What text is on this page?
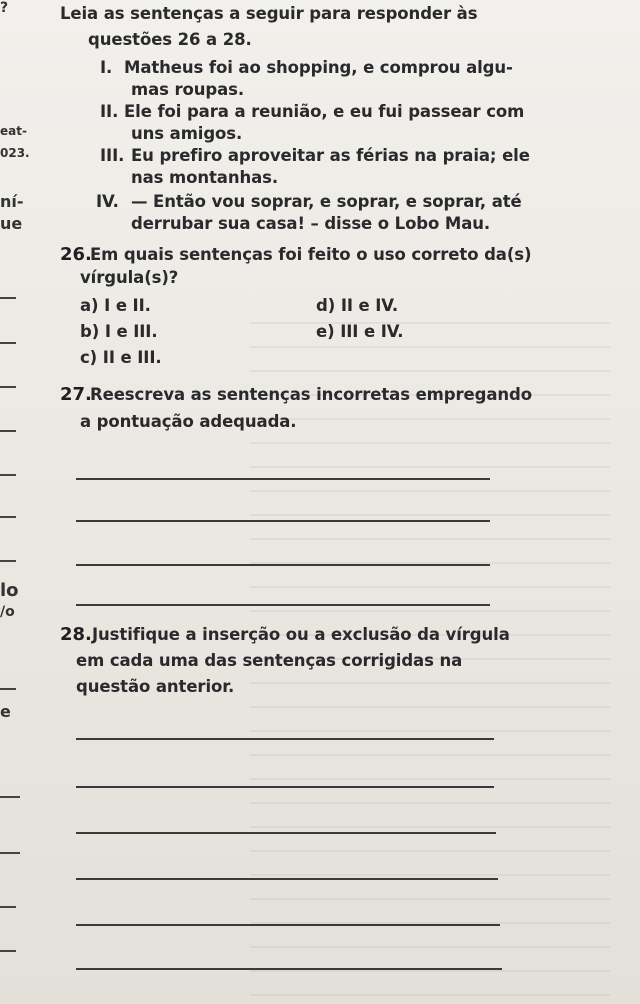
?
eat-
023.
ní-
ue
lo
/o
e
Leia as sentenças a seguir para responder às
questões 26 a 28.
I. Matheus foi ao shopping, e comprou algu-
mas roupas.
II. Ele foi para a reunião, e eu fui passear com
uns amigos.
III. Eu prefiro aproveitar as férias na praia; ele
nas montanhas.
IV. — Então vou soprar, e soprar, e soprar, até
derrubar sua casa! – disse o Lobo Mau.
26.
Em quais sentenças foi feito o uso correto da(s)
vírgula(s)?
a) I e II.
b) I e III.
c) II e III.
d) II e IV.
e) III e IV.
27.
Reescreva as sentenças incorretas empregando
a pontuação adequada.
28. Justifique a inserção ou a exclusão da vírgula
em cada uma das sentenças corrigidas na
questão anterior.
